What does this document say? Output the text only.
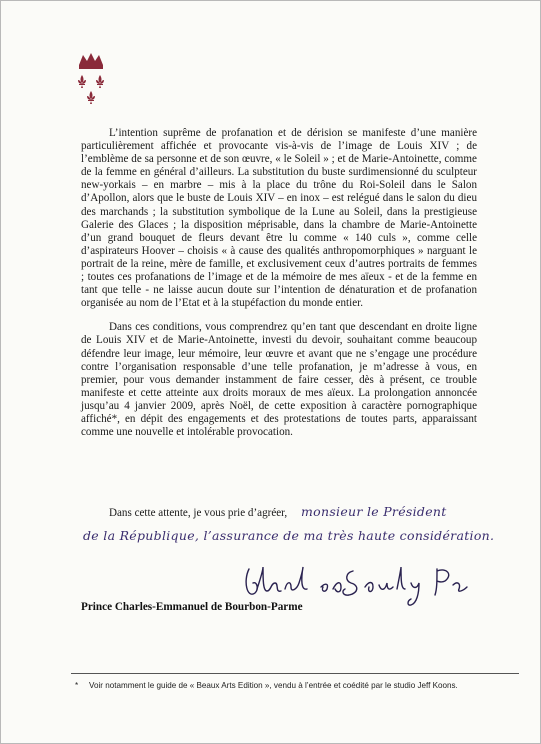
L’intention suprême de profanation et de dérision se manifeste d’une manière particulièrement affichée et provocante vis-à-vis de l’image de Louis XIV ; de l’emblème de sa personne et de son œuvre, « le Soleil » ; et de Marie-Antoinette, comme de la femme en général d’ailleurs. La substitution du buste surdimensionné du sculpteur new-yorkais – en marbre – mis à la place du trône du Roi-Soleil dans le Salon d’Apollon, alors que le buste de Louis XIV – en inox – est relégué dans le salon du dieu des marchands ; la substitution symbolique de la Lune au Soleil, dans la prestigieuse Galerie des Glaces ; la disposition méprisable, dans la chambre de Marie-Antoinette d’un grand bouquet de fleurs devant être lu comme « 140 culs », comme celle d’aspirateurs Hoover – choisis « à cause des qualités anthropomorphiques » narguant le portrait de la reine, mère de famille, et exclusivement ceux d’autres portraits de femmes ; toutes ces profanations de l’image et de la mémoire de mes aïeux - et de la femme en tant que telle - ne laisse aucun doute sur l’intention de dénaturation et de profanation organisée au nom de l’Etat et à la stupéfaction du monde entier.

Dans ces conditions, vous comprendrez qu’en tant que descendant en droite ligne de Louis XIV et de Marie-Antoinette, investi du devoir, souhaitant comme beaucoup défendre leur image, leur mémoire, leur œuvre et avant que ne s’engage une procédure contre l’organisation responsable d’une telle profanation, je m’adresse à vous, en premier, pour vous demander instamment de faire cesser, dès à présent, ce trouble manifeste et cette atteinte aux droits moraux de mes aïeux. La prolongation annoncée jusqu’au 4 janvier 2009, après Noël, de cette exposition à caractère pornographique affiché*, en dépit des engagements et des protestations de toutes parts, apparaissant comme une nouvelle et intolérable provocation.

Dans cette attente, je vous prie d’agréer,	monsieur le Président
de la République, l’assurance de ma très haute considération.
Prince Charles-Emmanuel de Bourbon-Parme
* Voir notamment le guide de « Beaux Arts Edition », vendu à l’entrée et coédité par le studio Jeff Koons.
